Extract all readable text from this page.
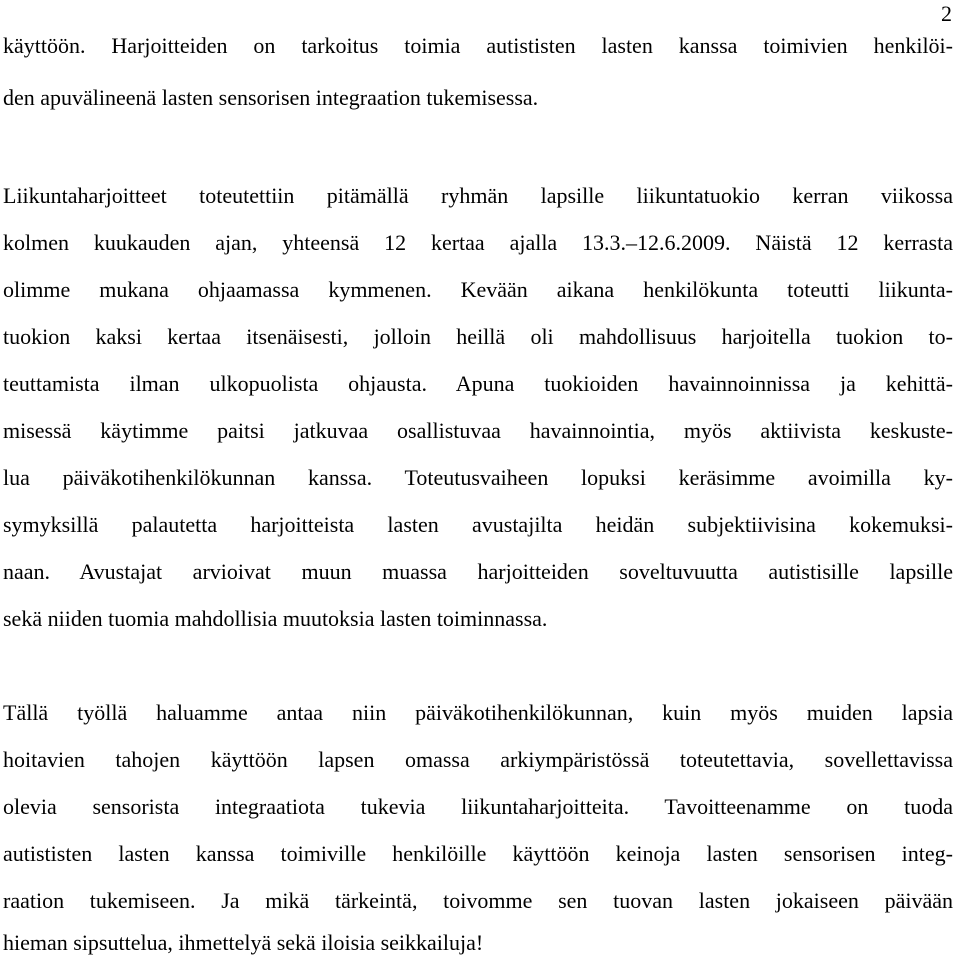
2
käyttöön. Harjoitteiden on tarkoitus toimia autististen lasten kanssa toimivien henkilöi-
den apuvälineenä lasten sensorisen integraation tukemisessa.
Liikuntaharjoitteet toteutettiin pitämällä ryhmän lapsille liikuntatuokio kerran viikossa
kolmen kuukauden ajan, yhteensä 12 kertaa ajalla 13.3.–12.6.2009. Näistä 12 kerrasta
olimme mukana ohjaamassa kymmenen. Kevään aikana henkilökunta toteutti liikunta-
tuokion kaksi kertaa itsenäisesti, jolloin heillä oli mahdollisuus harjoitella tuokion to-
teuttamista ilman ulkopuolista ohjausta. Apuna tuokioiden havainnoinnissa ja kehittä-
misessä käytimme paitsi jatkuvaa osallistuvaa havainnointia, myös aktiivista keskuste-
lua päiväkotihenkilökunnan kanssa. Toteutusvaiheen lopuksi keräsimme avoimilla ky-
symyksillä palautetta harjoitteista lasten avustajilta heidän subjektiivisina kokemuksi-
naan. Avustajat arvioivat muun muassa harjoitteiden soveltuvuutta autistisille lapsille
sekä niiden tuomia mahdollisia muutoksia lasten toiminnassa.
Tällä työllä haluamme antaa niin päiväkotihenkilökunnan, kuin myös muiden lapsia
hoitavien tahojen käyttöön lapsen omassa arkiympäristössä toteutettavia, sovellettavissa
olevia sensorista integraatiota tukevia liikuntaharjoitteita. Tavoitteenamme on tuoda
autististen lasten kanssa toimiville henkilöille käyttöön keinoja lasten sensorisen integ-
raation tukemiseen. Ja mikä tärkeintä, toivomme sen tuovan lasten jokaiseen päivään
hieman sipsuttelua, ihmettelyä sekä iloisia seikkailuja!
